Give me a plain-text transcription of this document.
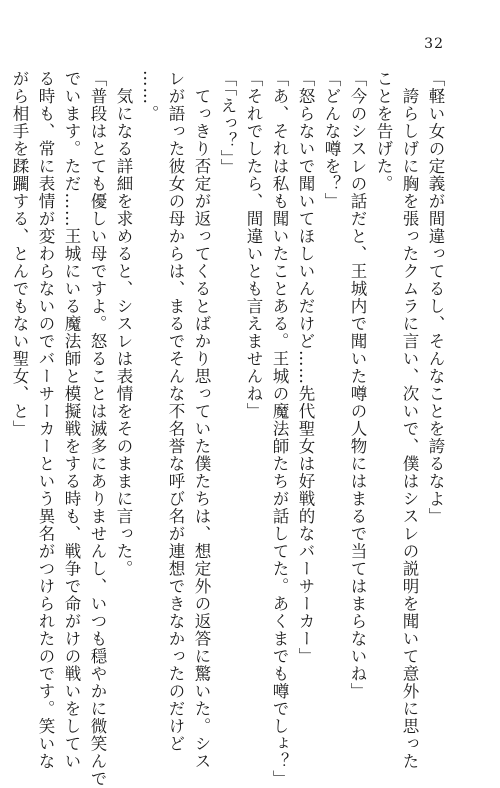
32
「軽い女の定義が間違ってるし、そんなことを誇るなよ」
　誇らしげに胸を張ったクムラに言い、次いで、僕はシスレの説明を聞いて意外に思った
ことを告げた。
「今のシスレの話だと、王城内で聞いた噂の人物にはまるで当てはまらないね」
「どんな噂を？」
「怒らないで聞いてほしいんだけど……先代聖女は好戦的なバーサーカー」
「あ、それは私も聞いたことある。王城の魔法師たちが話してた。あくまでも噂でしょ？」
「それでしたら、間違いとも言えませんね」
「「えっ？」」
　てっきり否定が返ってくるとばかり思っていた僕たちは、想定外の返答に驚いた。シス
レが語った彼女の母からは、まるでそんな不名誉な呼び名が連想できなかったのだけど
……。
　気になる詳細を求めると、シスレは表情をそのままに言った。
「普段はとても優しい母ですよ。怒ることは滅多にありませんし、いつも穏やかに微笑んで
でいます。ただ……王城にいる魔法師と模擬戦をする時も、戦争で命がけの戦いをしてい
る時も、常に表情が変わらないのでバーサーカーという異名がつけられたのです。笑いな
がら相手を蹂躙する、とんでもない聖女、と」
